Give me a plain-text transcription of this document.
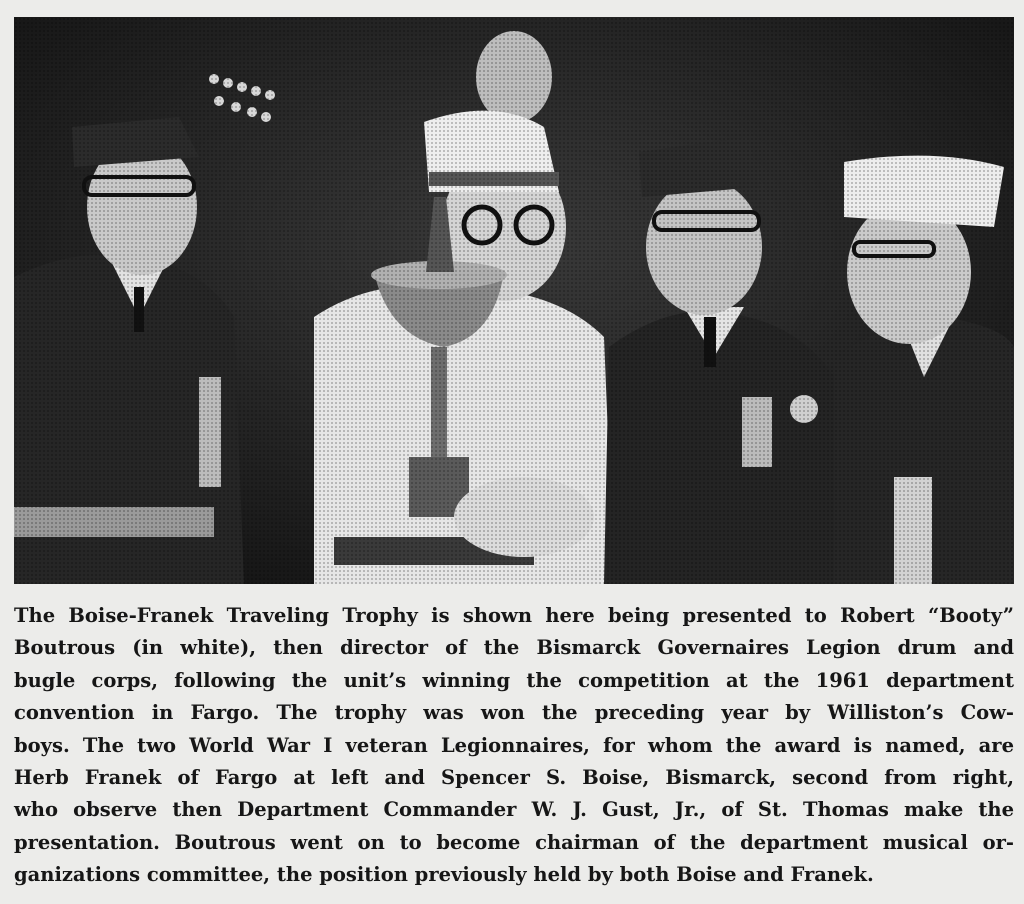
The Boise-Franek Traveling Trophy is shown here being presented to Robert “Booty”
Boutrous (in white), then director of the Bismarck Governaires Legion drum and
bugle corps, following the unit’s winning the competition at the 1961 department
convention in Fargo. The trophy was won the preceding year by Williston’s Cow-
boys. The two World War I veteran Legionnaires, for whom the award is named, are
Herb Franek of Fargo at left and Spencer S. Boise, Bismarck, second from right,
who observe then Department Commander W. J. Gust, Jr., of St. Thomas make the
presentation. Boutrous went on to become chairman of the department musical or-
ganizations committee, the position previously held by both Boise and Franek.
